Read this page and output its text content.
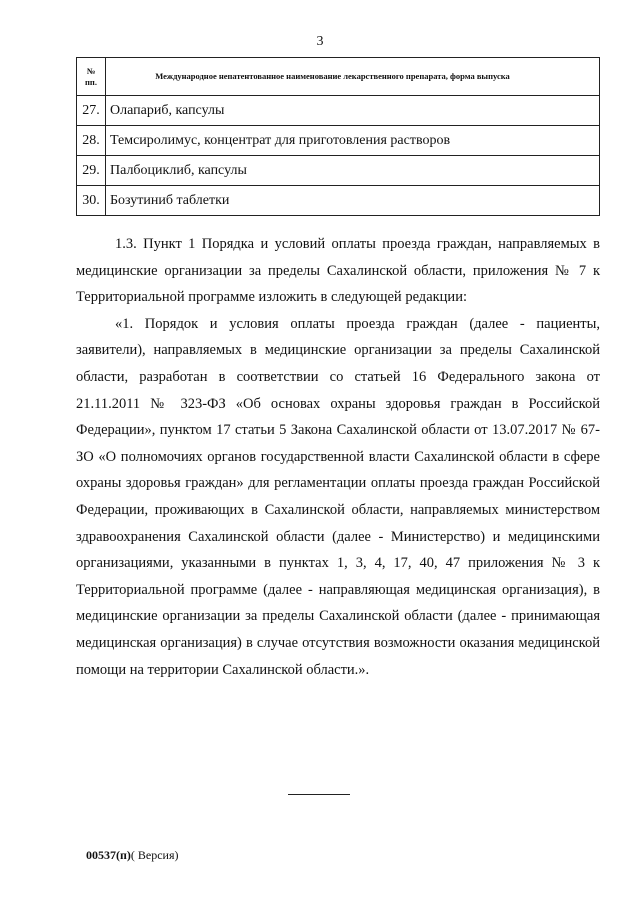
3
№
пп.	Международное непатентованное наименование лекарственного препарата, форма выпуска
27.	Олапариб, капсулы
28.	Темсиролимус, концентрат для приготовления растворов
29.	Палбоциклиб, капсулы
30.	Бозутиниб таблетки

1.3. Пункт 1 Порядка и условий оплаты проезда граждан, направляемых в медицинские организации за пределы Сахалинской области, приложения № 7 к Территориальной программе изложить в следующей редакции:

«1. Порядок и условия оплаты проезда граждан (далее - пациенты, заявители), направляемых в медицинские организации за пределы Сахалинской области, разработан в соответствии со статьей 16 Федерального закона от 21.11.2011 № 323-ФЗ «Об основах охраны здоровья граждан в Российской Федерации», пунктом 17 статьи 5 Закона Сахалинской области от 13.07.2017 № 67-ЗО «О полномочиях органов государственной власти Сахалинской области в сфере охраны здоровья граждан» для регламентации оплаты проезда граждан Российской Федерации, проживающих в Сахалинской области, направляемых министерством здравоохранения Сахалинской области (далее - Министерство) и медицинскими организациями, указанными в пунктах 1, 3, 4, 17, 40, 47 приложения № 3 к Территориальной программе (далее - направляющая медицинская организация), в медицинские организации за пределы Сахалинской области (далее - принимающая медицинская организация) в случае отсутствия возможности оказания медицинской помощи на территории Сахалинской области.».

00537(п)( Версия)
